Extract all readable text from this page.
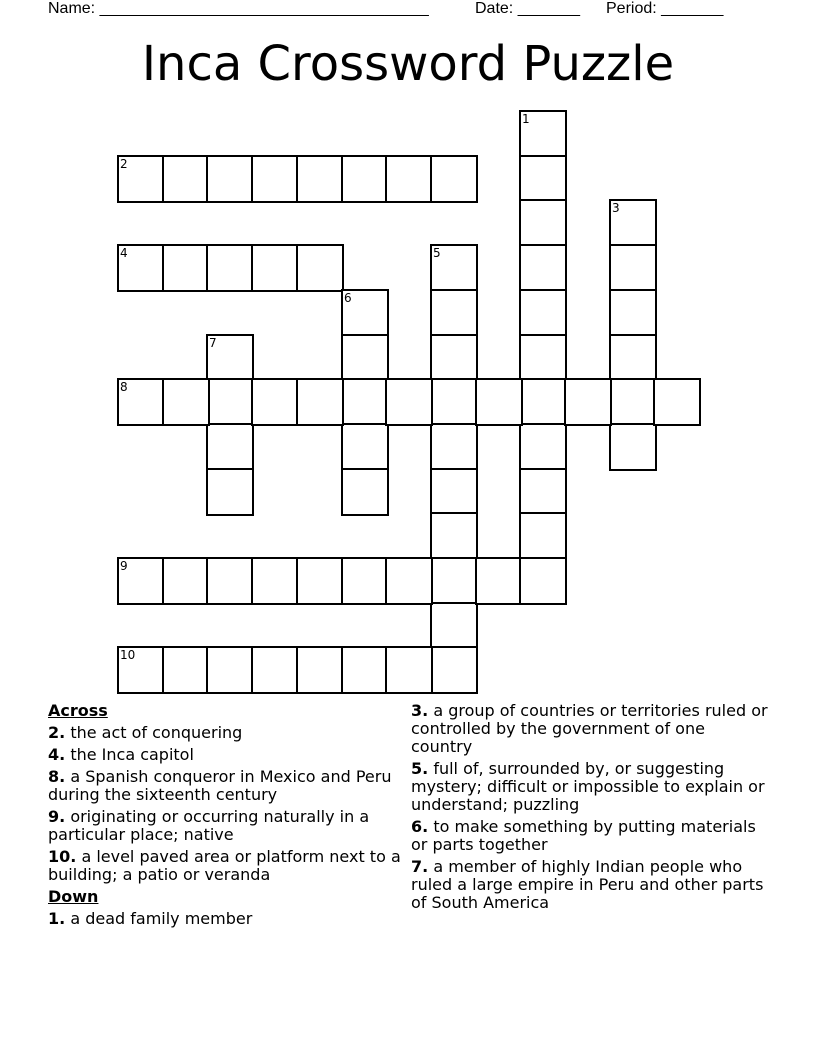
Name: _____________________________________	Date: _______ Period: _______
Inca Crossword Puzzle
1
2
3
4	5
6
7
8
9
10
Across
2. the act of conquering
4. the Inca capitol
8. a Spanish conqueror in Mexico and Peru during the sixteenth century
9. originating or occurring naturally in a particular place; native
10. a level paved area or platform next to a building; a patio or veranda
Down
1. a dead family member
3. a group of countries or territories ruled or controlled by the government of one country
5. full of, surrounded by, or suggesting mystery; difficult or impossible to explain or understand; puzzling
6. to make something by putting materials or parts together
7. a member of highly Indian people who ruled a large empire in Peru and other parts of South America
